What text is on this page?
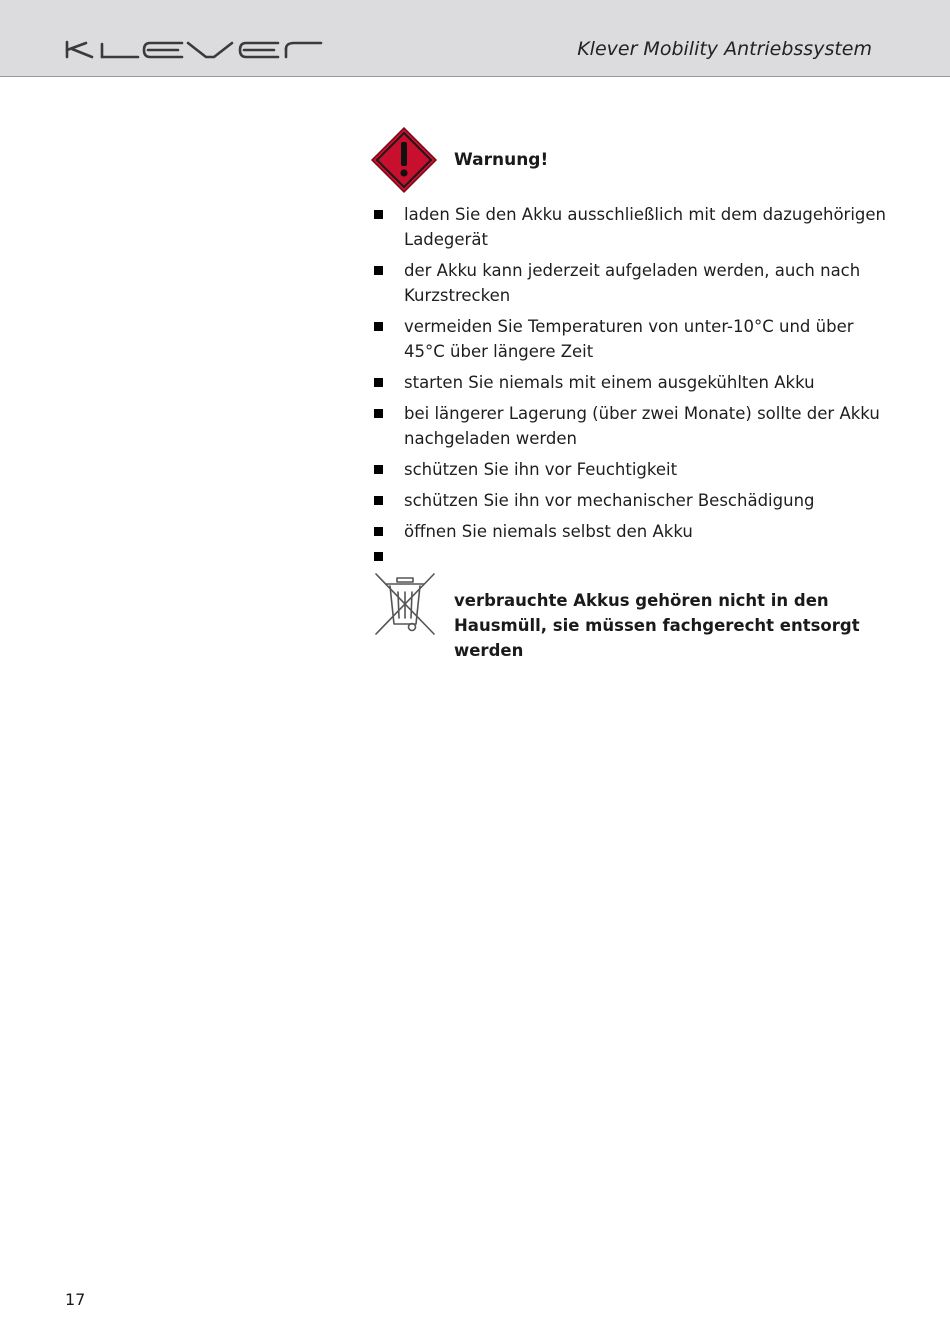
Klever Mobility Antriebssystem
Warnung!
laden Sie den Akku ausschließlich mit dem dazugehörigen Ladegerät
der Akku kann jederzeit aufgeladen werden, auch nach Kurzstrecken
vermeiden Sie Temperaturen von unter-10°C und über 45°C über längere Zeit
starten Sie niemals mit einem ausgekühlten Akku
bei längerer Lagerung (über zwei Monate) sollte der Akku nachgeladen werden
schützen Sie ihn vor Feuchtigkeit
schützen Sie ihn vor mechanischer Beschädigung
öffnen Sie niemals selbst den Akku
verbrauchte Akkus gehören nicht in den Hausmüll, sie müssen fachgerecht entsorgt werden
17
